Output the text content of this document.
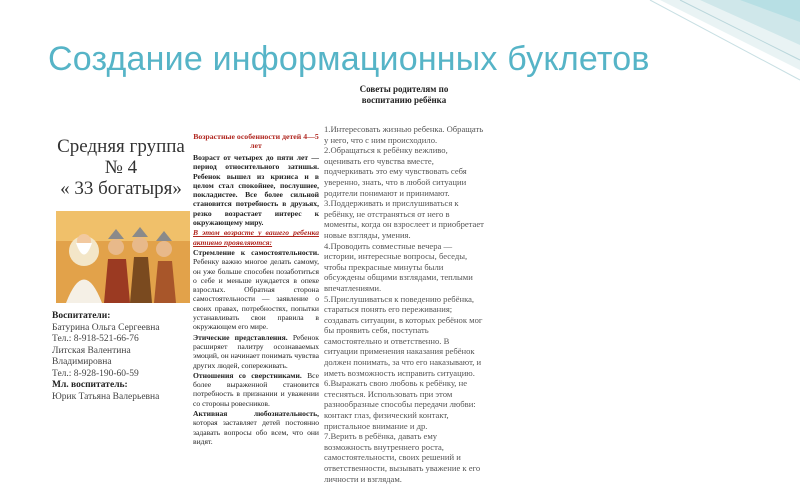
Создание информационных буклетов
Средняя группа
№ 4
« 33 богатыря»
Воспитатели:
Батурина Ольга Сергеевна
Тел.: 8-918-521-66-76
Литская Валентина
Владимировна
Тел.: 8-928-190-60-59
Мл. воспитатель:
Юрик Татьяна Валерьевна
Возрастные особенности детей 4—5 лет

Возраст от четырех до пяти лет — период относительного затишья. Ребенок вышел из кризиса и в целом стал спокойнее, послушнее, покладистее. Все более сильной становится потребность в друзьях, резко возрастает интерес к окружающему миру.

В этом возрасте у вашего ребенка активно проявляются:

Стремление к самостоятельности. Ребенку важно многое делать самому, он уже больше способен позаботиться о себе и меньше нуждается в опеке взрослых. Обратная сторона самостоятельности — заявление о своих правах, потребностях, попытки устанавливать свои правила в окружающем его мире.

Этические представления. Ребенок расширяет палитру осознаваемых эмоций, он начинает понимать чувства других людей, сопереживать.

Отношения со сверстниками. Все более выраженной становится потребность в признании и уважении со стороны ровесников.

Активная любознательность, которая заставляет детей постоянно задавать вопросы обо всем, что они видят.

Советы родителям по
воспитанию ребёнка

1.Интересовать жизнью ребенка. Обращать у него, что с ним происходило. 2.Обращаться к ребёнку вежливо, оценивать его чувства вместе, подчеркивать это ему чувствовать себя уверенно, знать, что в любой ситуации родители понимают и принимают.

3.Поддерживать и прислушиваться к ребёнку, не отстраняться от него в моменты, когда он взрослеет и приобретает новые взгляды, умения.

4.Проводить совместные вечера — истории, интересные вопросы, беседы, чтобы прекрасные минуты были обсуждены общими взглядами, теплыми впечатлениями.

5.Прислушиваться к поведению ребёнка, стараться понять его переживания; создавать ситуации, в которых ребёнок мог бы проявить себя, поступать самостоятельно и ответственно. В ситуации применения наказания ребёнок должен понимать, за что его наказывают, и иметь возможность исправить ситуацию.

6.Выражать свою любовь к ребёнку, не стесняться. Использовать при этом разнообразные способы передачи любви: контакт глаз, физический контакт, пристальное внимание и др.

7.Верить в ребёнка, давать ему возможность внутреннего роста, самостоятельности, своих решений и ответственности, вызывать уважение к его личности и взглядам.
